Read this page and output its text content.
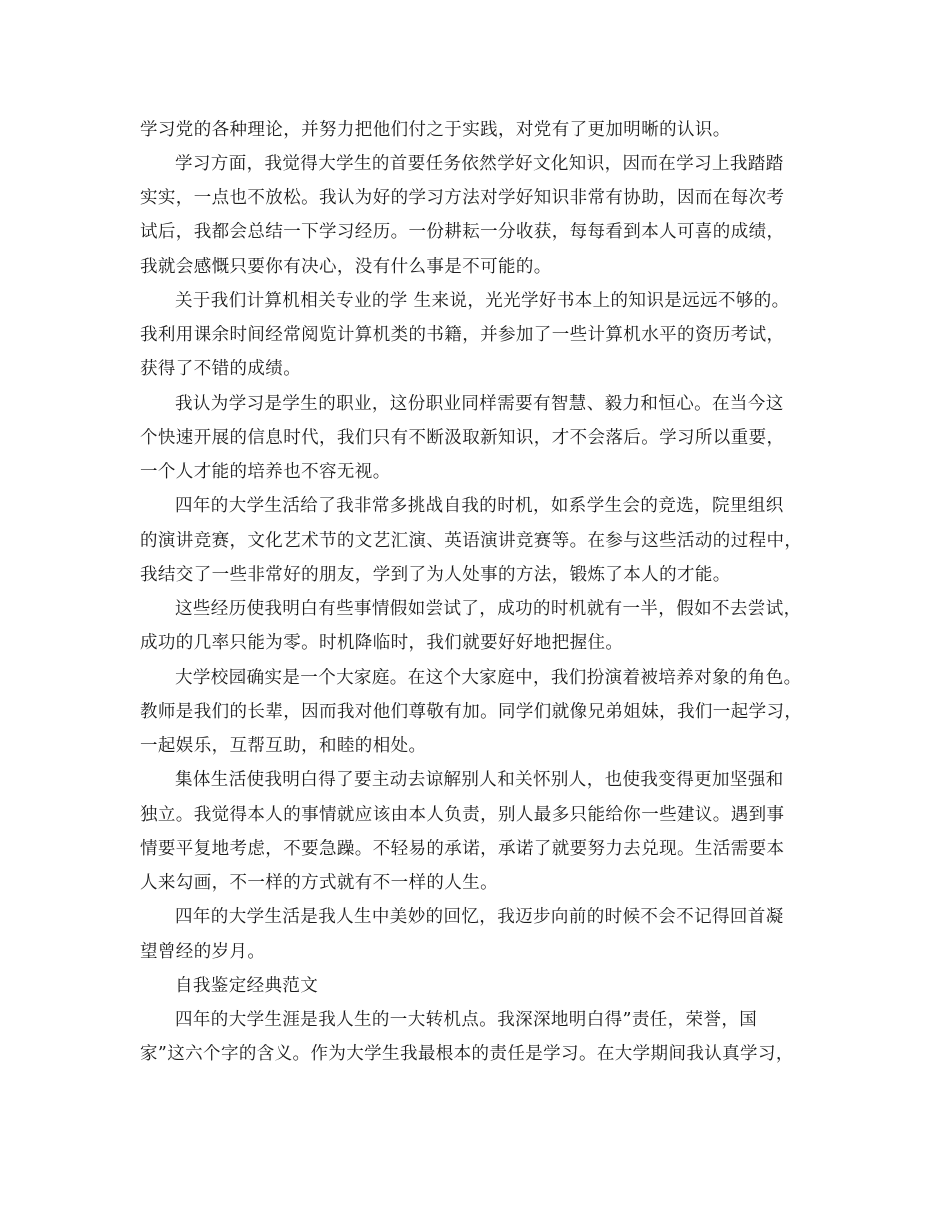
学习党的各种理论，并努力把他们付之于实践，对党有了更加明晰的认识。
学习方面，我觉得大学生的首要任务依然学好文化知识，因而在学习上我踏踏
实实，一点也不放松。我认为好的学习方法对学好知识非常有协助，因而在每次考
试后，我都会总结一下学习经历。一份耕耘一分收获，每每看到本人可喜的成绩，
我就会感慨只要你有决心，没有什么事是不可能的。
关于我们计算机相关专业的学 生来说，光光学好书本上的知识是远远不够的。
我利用课余时间经常阅览计算机类的书籍，并参加了一些计算机水平的资历考试，
获得了不错的成绩。
我认为学习是学生的职业，这份职业同样需要有智慧、毅力和恒心。在当今这
个快速开展的信息时代，我们只有不断汲取新知识，才不会落后。学习所以重要，
一个人才能的培养也不容无视。
四年的大学生活给了我非常多挑战自我的时机，如系学生会的竞选，院里组织
的演讲竞赛，文化艺术节的文艺汇演、英语演讲竞赛等。在参与这些活动的过程中，
我结交了一些非常好的朋友，学到了为人处事的方法，锻炼了本人的才能。
这些经历使我明白有些事情假如尝试了，成功的时机就有一半，假如不去尝试，
成功的几率只能为零。时机降临时，我们就要好好地把握住。
大学校园确实是一个大家庭。在这个大家庭中，我们扮演着被培养对象的角色。
教师是我们的长辈，因而我对他们尊敬有加。同学们就像兄弟姐妹，我们一起学习，
一起娱乐，互帮互助，和睦的相处。
集体生活使我明白得了要主动去谅解别人和关怀别人，也使我变得更加坚强和
独立。我觉得本人的事情就应该由本人负责，别人最多只能给你一些建议。遇到事
情要平复地考虑，不要急躁。不轻易的承诺，承诺了就要努力去兑现。生活需要本
人来勾画，不一样的方式就有不一样的人生。
四年的大学生活是我人生中美妙的回忆，我迈步向前的时候不会不记得回首凝
望曾经的岁月。
自我鉴定经典范文
四年的大学生涯是我人生的一大转机点。我深深地明白得”责任，荣誉，国
家”这六个字的含义。作为大学生我最根本的责任是学习。在大学期间我认真学习，
